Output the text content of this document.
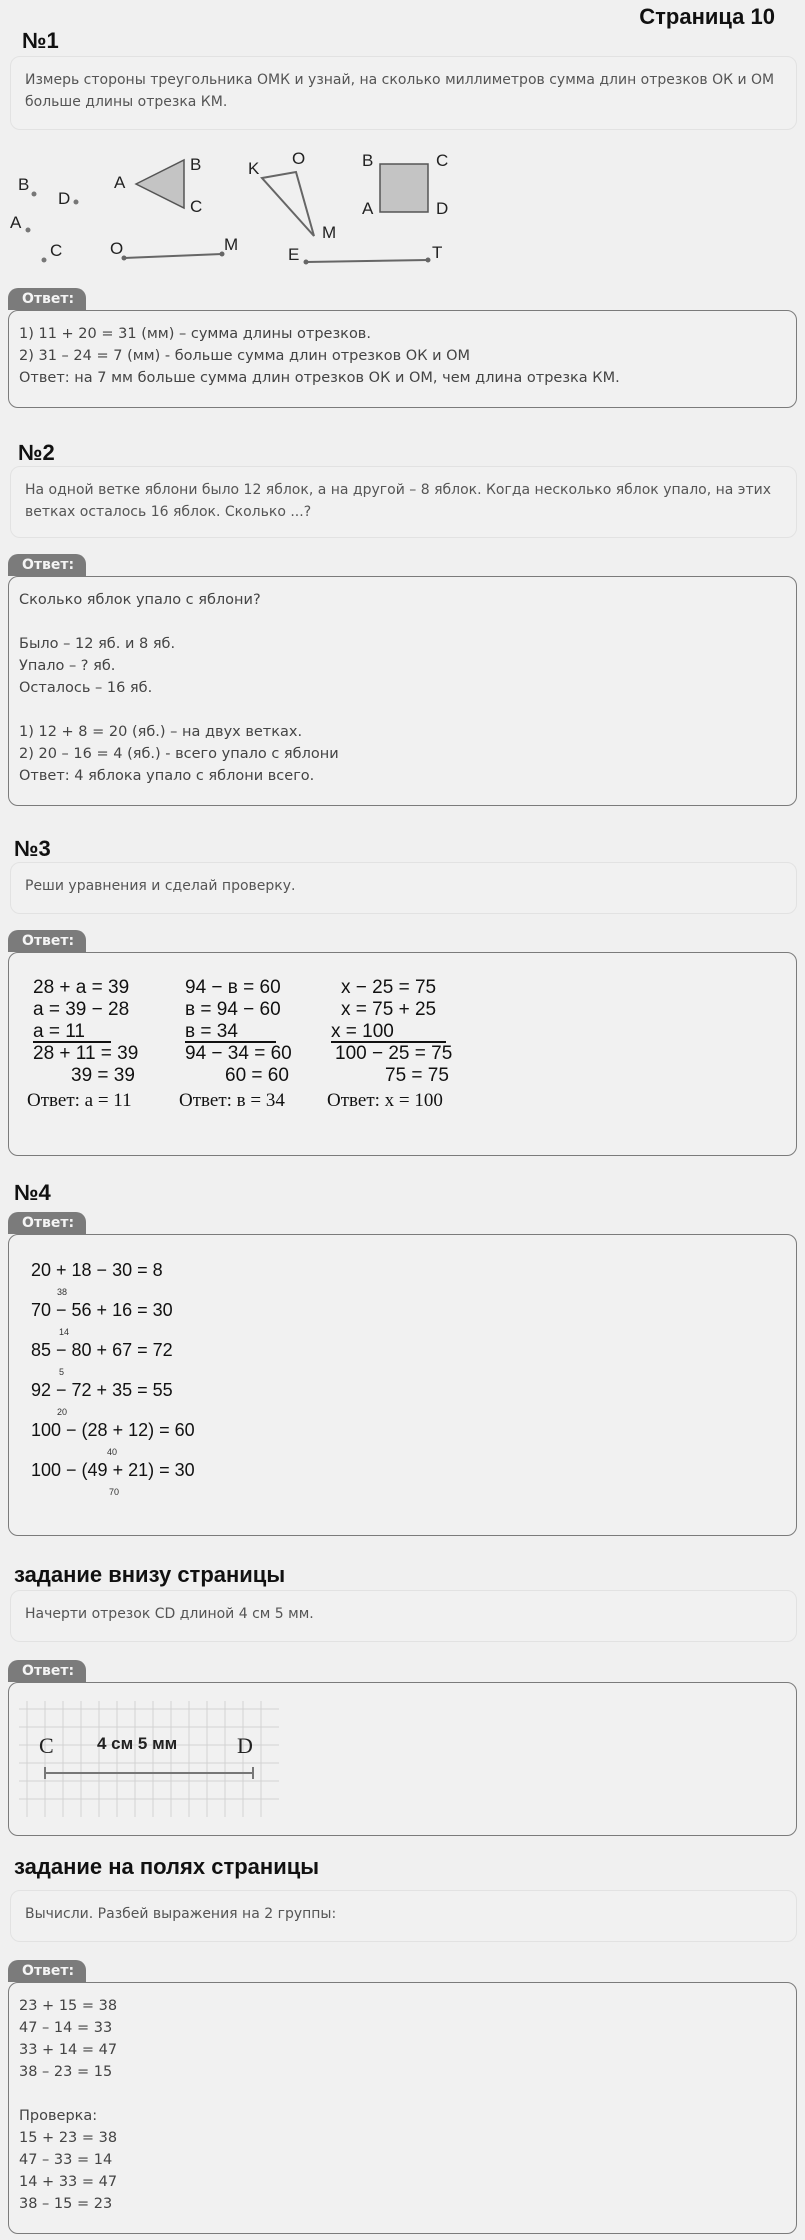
Страница 10
№1
Измерь стороны треугольника ОМК и узнай, на сколько миллиметров сумма длин отрезков ОК и ОМ больше длины отрезка КМ.
B
D
A
C	O	M
A
B
C
K
O
M
B	C
A	D
E	T
Ответ:
1) 11 + 20 = 31 (мм) – сумма длины отрезков.
2) 31 – 24 = 7 (мм) - больше сумма длин отрезков ОК и ОМ
Ответ: на 7 мм больше сумма длин отрезков ОК и ОМ, чем длина отрезка КМ.
№2
На одной ветке яблони было 12 яблок, а на другой – 8 яблок. Когда несколько яблок упало, на этих ветках осталось 16 яблок. Сколько ...?
Ответ:
Сколько яблок упало с яблони?
Было – 12 яб. и 8 яб.
Упало – ? яб.
Осталось – 16 яб.
1) 12 + 8 = 20 (яб.) – на двух ветках.
2) 20 – 16 = 4 (яб.) - всего упало с яблони
Ответ: 4 яблока упало с яблони всего.
№3
Реши уравнения и сделай проверку.
Ответ:
28 + а = 39
а = 39 − 28
а = 11
28 + 11 = 39
39 = 39
Ответ: а = 11
94 − в = 60
в = 94 − 60
в = 34
94 − 34 = 60
60 = 60
Ответ: в = 34
х − 25 = 75
х = 75 + 25
х = 100
100 − 25 = 75
75 = 75
Ответ: х = 100
№4
Ответ:
20 + 18 − 30 = 8
38
70 − 56 + 16 = 30
14
85 − 80 + 67 = 72
5
92 − 72 + 35 = 55
20
100 − (28 + 12) = 60
40
100 − (49 + 21) = 30
70
задание внизу страницы
Начерти отрезок CD длиной 4 см 5 мм.
Ответ:
C	D
4 см 5 мм
задание на полях страницы
Вычисли. Разбей выражения на 2 группы:
Ответ:
23 + 15 = 38
47 – 14 = 33
33 + 14 = 47
38 – 23 = 15
Проверка:
15 + 23 = 38
47 – 33 = 14
14 + 33 = 47
38 – 15 = 23
